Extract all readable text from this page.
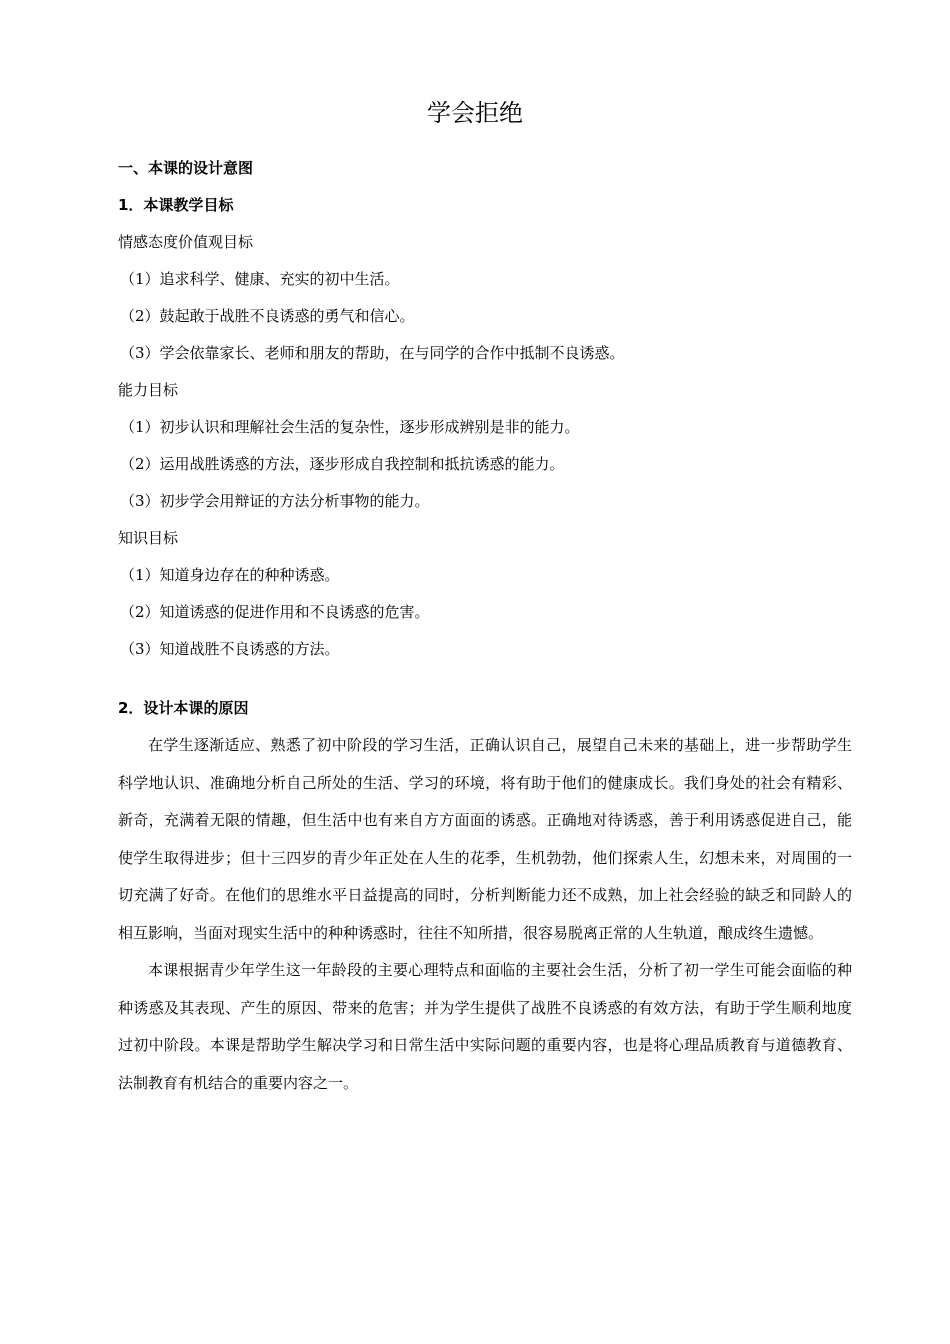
学会拒绝
一、本课的设计意图
1．本课教学目标
情感态度价值观目标
（1）追求科学、健康、充实的初中生活。
（2）鼓起敢于战胜不良诱惑的勇气和信心。
（3）学会依靠家长、老师和朋友的帮助，在与同学的合作中抵制不良诱惑。
能力目标
（1）初步认识和理解社会生活的复杂性，逐步形成辨别是非的能力。
（2）运用战胜诱惑的方法，逐步形成自我控制和抵抗诱惑的能力。
（3）初步学会用辩证的方法分析事物的能力。
知识目标
（1）知道身边存在的种种诱惑。
（2）知道诱惑的促进作用和不良诱惑的危害。
（3）知道战胜不良诱惑的方法。
2．设计本课的原因

在学生逐渐适应、熟悉了初中阶段的学习生活，正确认识自己，展望自己未来的基础上，进一步帮助学生科学地认识、准确地分析自己所处的生活、学习的环境，将有助于他们的健康成长。我们身处的社会有精彩、新奇，充满着无限的情趣，但生活中也有来自方方面面的诱惑。正确地对待诱惑，善于利用诱惑促进自己，能使学生取得进步；但十三四岁的青少年正处在人生的花季，生机勃勃，他们探索人生，幻想未来，对周围的一切充满了好奇。在他们的思维水平日益提高的同时，分析判断能力还不成熟，加上社会经验的缺乏和同龄人的相互影响，当面对现实生活中的种种诱惑时，往往不知所措，很容易脱离正常的人生轨道，酿成终生遗憾。

本课根据青少年学生这一年龄段的主要心理特点和面临的主要社会生活，分析了初一学生可能会面临的种种诱惑及其表现、产生的原因、带来的危害；并为学生提供了战胜不良诱惑的有效方法，有助于学生顺利地度过初中阶段。本课是帮助学生解决学习和日常生活中实际问题的重要内容，也是将心理品质教育与道德教育、法制教育有机结合的重要内容之一。
